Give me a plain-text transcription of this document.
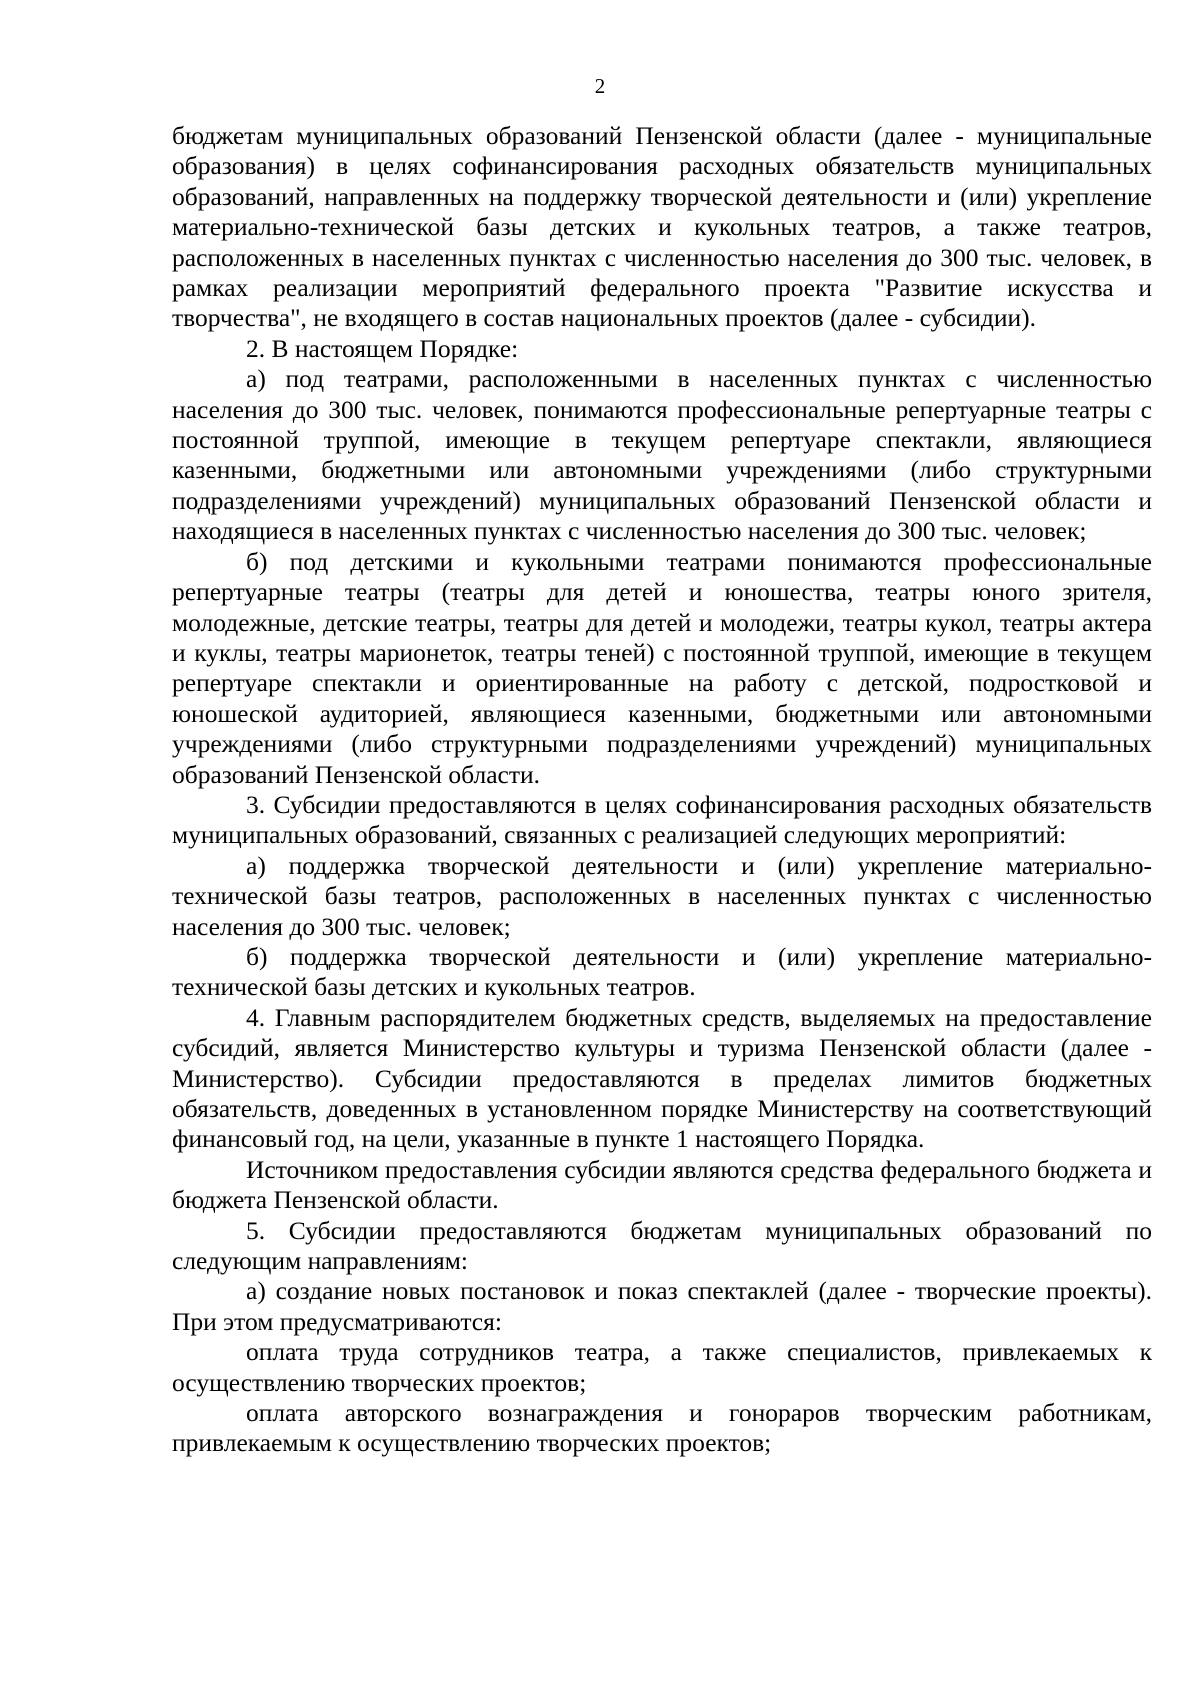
2

бюджетам муниципальных образований Пензенской области (далее - муниципальные образования) в целях софинансирования расходных обязательств муниципальных образований, направленных на поддержку творческой деятельности и (или) укрепление материально-технической базы детских и кукольных театров, а также театров, расположенных в населенных пунктах с численностью населения до 300 тыс. человек, в рамках реализации мероприятий федерального проекта "Развитие искусства и творчества", не входящего в состав национальных проектов (далее - субсидии).

2. В настоящем Порядке:

а) под театрами, расположенными в населенных пунктах с численностью населения до 300 тыс. человек, понимаются профессиональные репертуарные театры с постоянной труппой, имеющие в текущем репертуаре спектакли, являющиеся казенными, бюджетными или автономными учреждениями (либо структурными подразделениями учреждений) муниципальных образований Пензенской области и находящиеся в населенных пунктах с численностью населения до 300 тыс. человек;

б) под детскими и кукольными театрами понимаются профессиональные репертуарные театры (театры для детей и юношества, театры юного зрителя, молодежные, детские театры, театры для детей и молодежи, театры кукол, театры актера и куклы, театры марионеток, театры теней) с постоянной труппой, имеющие в текущем репертуаре спектакли и ориентированные на работу с детской, подростковой и юношеской аудиторией, являющиеся казенными, бюджетными или автономными учреждениями (либо структурными подразделениями учреждений) муниципальных образований Пензенской области.

3. Субсидии предоставляются в целях софинансирования расходных обязательств муниципальных образований, связанных с реализацией следующих мероприятий:

а) поддержка творческой деятельности и (или) укрепление материально-технической базы театров, расположенных в населенных пунктах с численностью населения до 300 тыс. человек;

б) поддержка творческой деятельности и (или) укрепление материально-технической базы детских и кукольных театров.

4. Главным распорядителем бюджетных средств, выделяемых на предоставление субсидий, является Министерство культуры и туризма Пензенской области (далее - Министерство). Субсидии предоставляются в пределах лимитов бюджетных обязательств, доведенных в установленном порядке Министерству на соответствующий финансовый год, на цели, указанные в пункте 1 настоящего Порядка.

Источником предоставления субсидии являются средства федерального бюджета и бюджета Пензенской области.

5. Субсидии предоставляются бюджетам муниципальных образований по следующим направлениям:

а) создание новых постановок и показ спектаклей (далее - творческие проекты). При этом предусматриваются:

оплата труда сотрудников театра, а также специалистов, привлекаемых к осуществлению творческих проектов;

оплата авторского вознаграждения и гонораров творческим работникам, привлекаемым к осуществлению творческих проектов;
